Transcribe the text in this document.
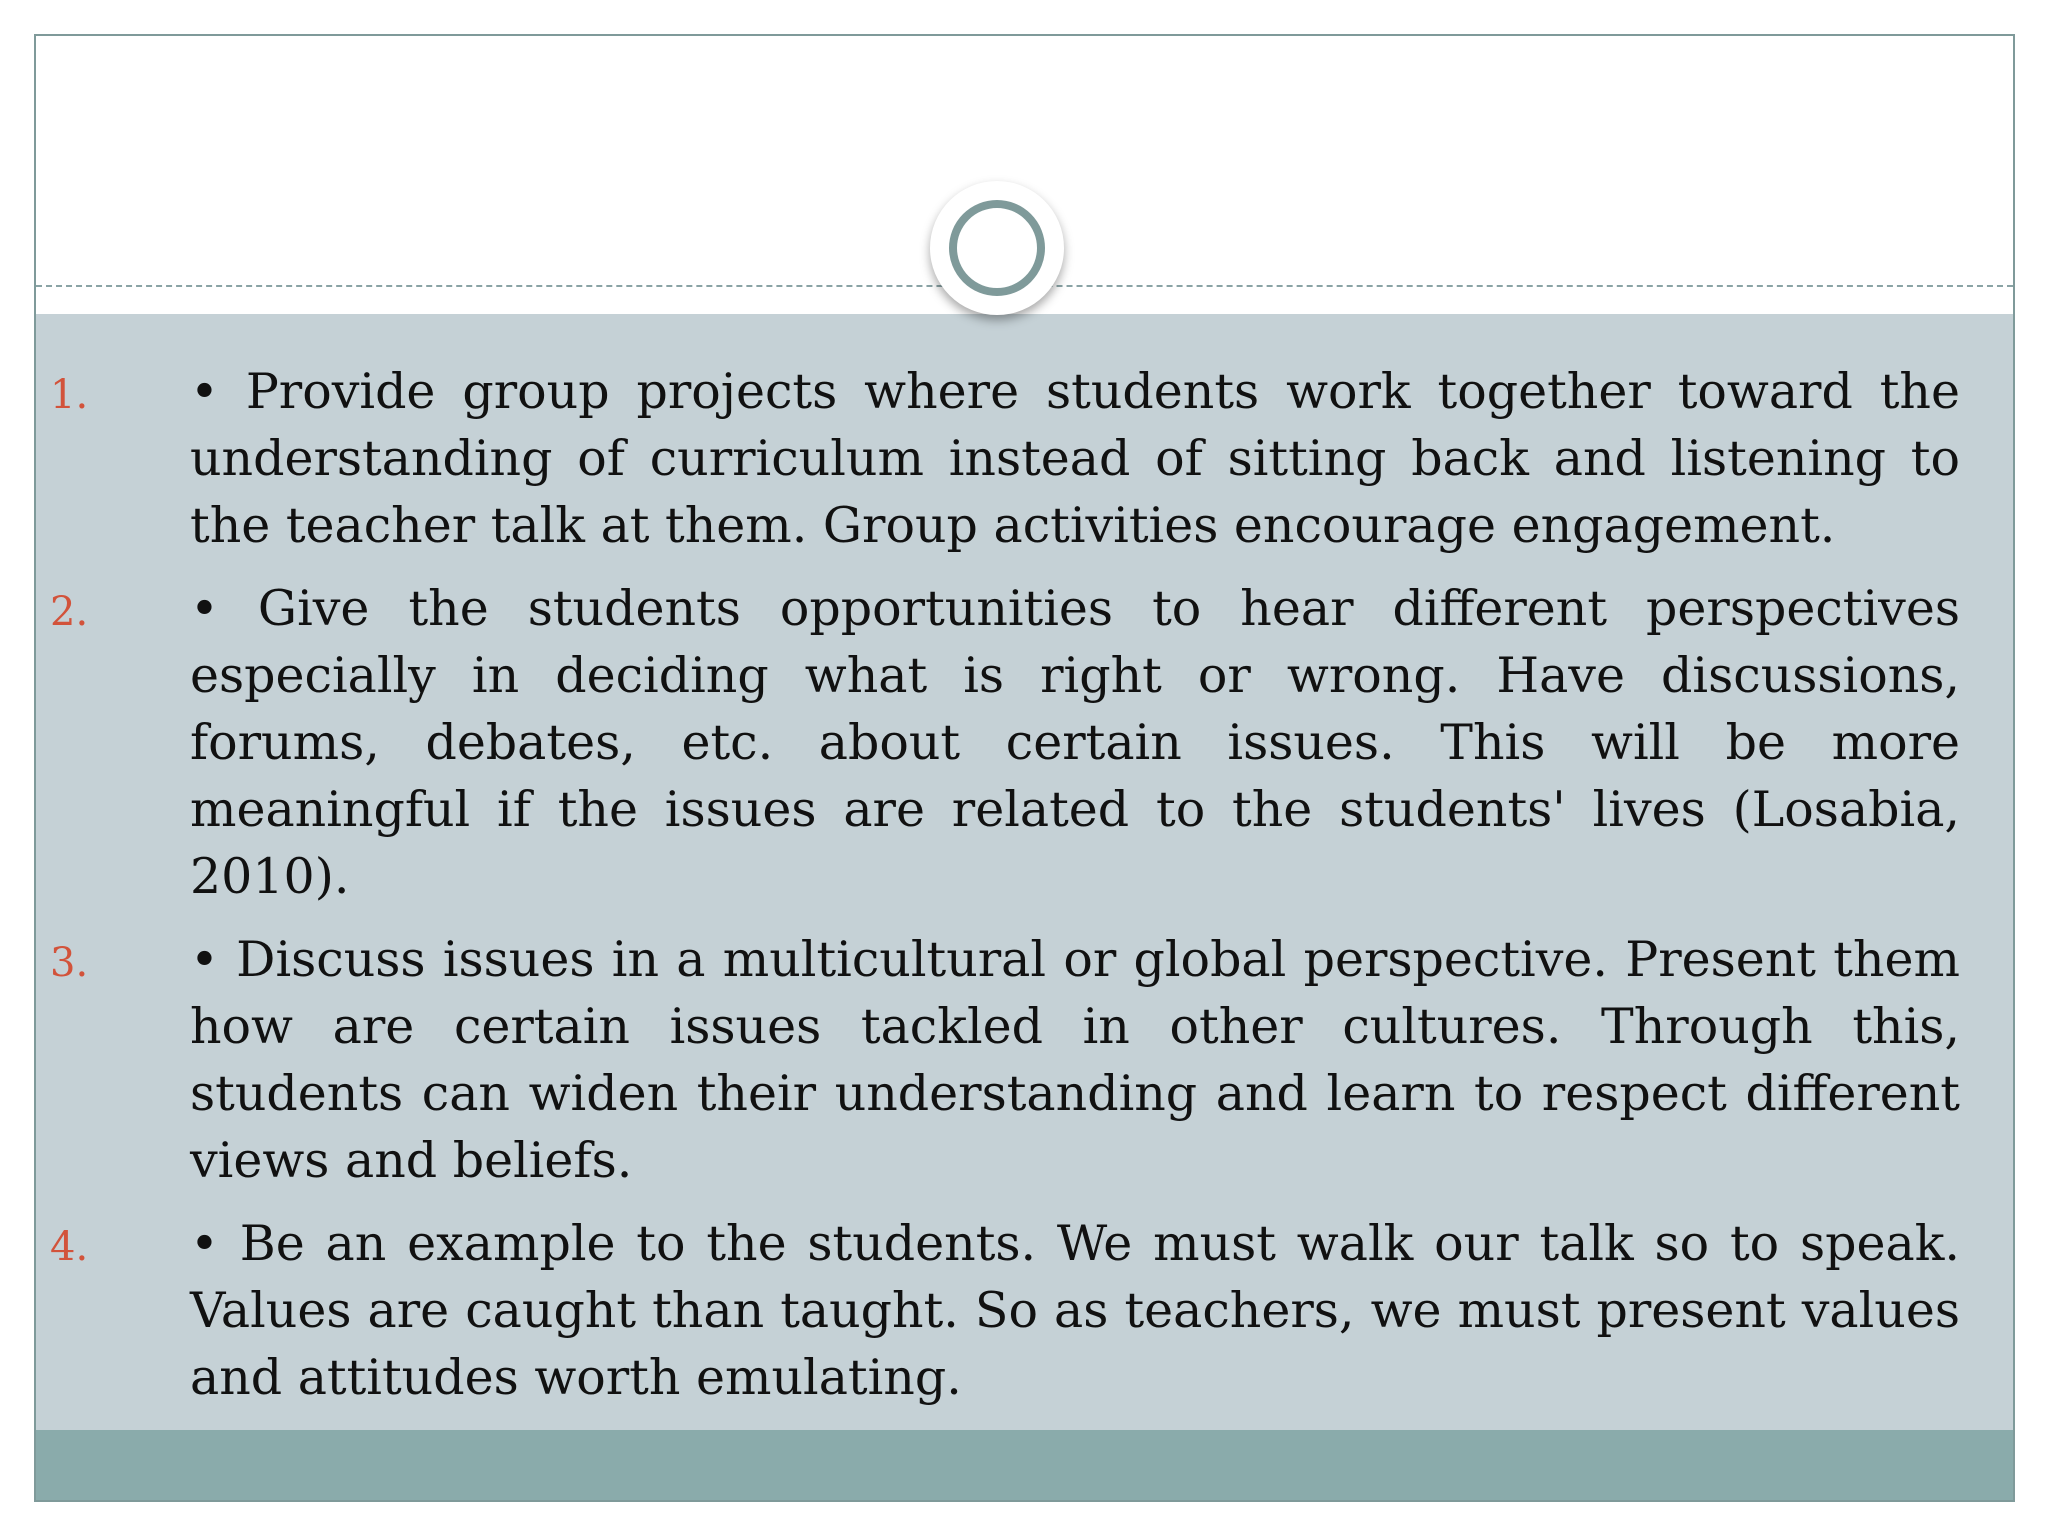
1.	• Provide group projects where students work together toward the understanding of curriculum instead of sitting back and listening to the teacher talk at them. Group activities encourage engagement.
2.	• Give the students opportunities to hear different perspectives especially in deciding what is right or wrong. Have discussions, forums, debates, etc. about certain issues. This will be more meaningful if the issues are related to the students' lives (Losabia, 2010).
3.	• Discuss issues in a multicultural or global perspective. Present them how are certain issues tackled in other cultures. Through this, students can widen their understanding and learn to respect different views and beliefs.
4.	• Be an example to the students. We must walk our talk so to speak. Values are caught than taught. So as teachers, we must present values and attitudes worth emulating.
